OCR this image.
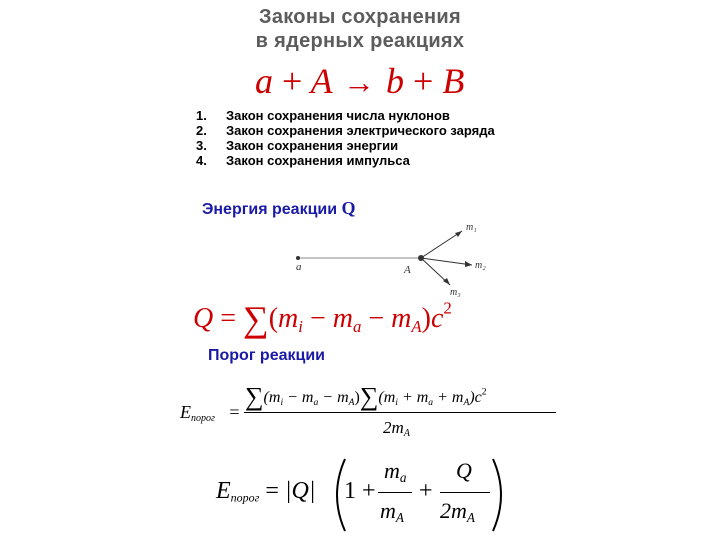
Законы сохранения
в ядерных реакциях
a + A → b + B
1. Закон сохранения числа нуклонов
2. Закон сохранения электрического заряда
3. Закон сохранения энергии
4. Закон сохранения импульса
Энергия реакции Q
a	A
m₁
m₂
m₃
$Q = \sum(m_i - m_a - m_A)c^2$
Порог реакции
$E_{порог}$ =
$\sum(m_i - m_a - m_A)\sum(m_i + m_a + m_A)c^2$
$2m_A$
$E_{порог} = |Q|$ 1 +
$m_a$
$m_A$
+
Q
$2m_A$
